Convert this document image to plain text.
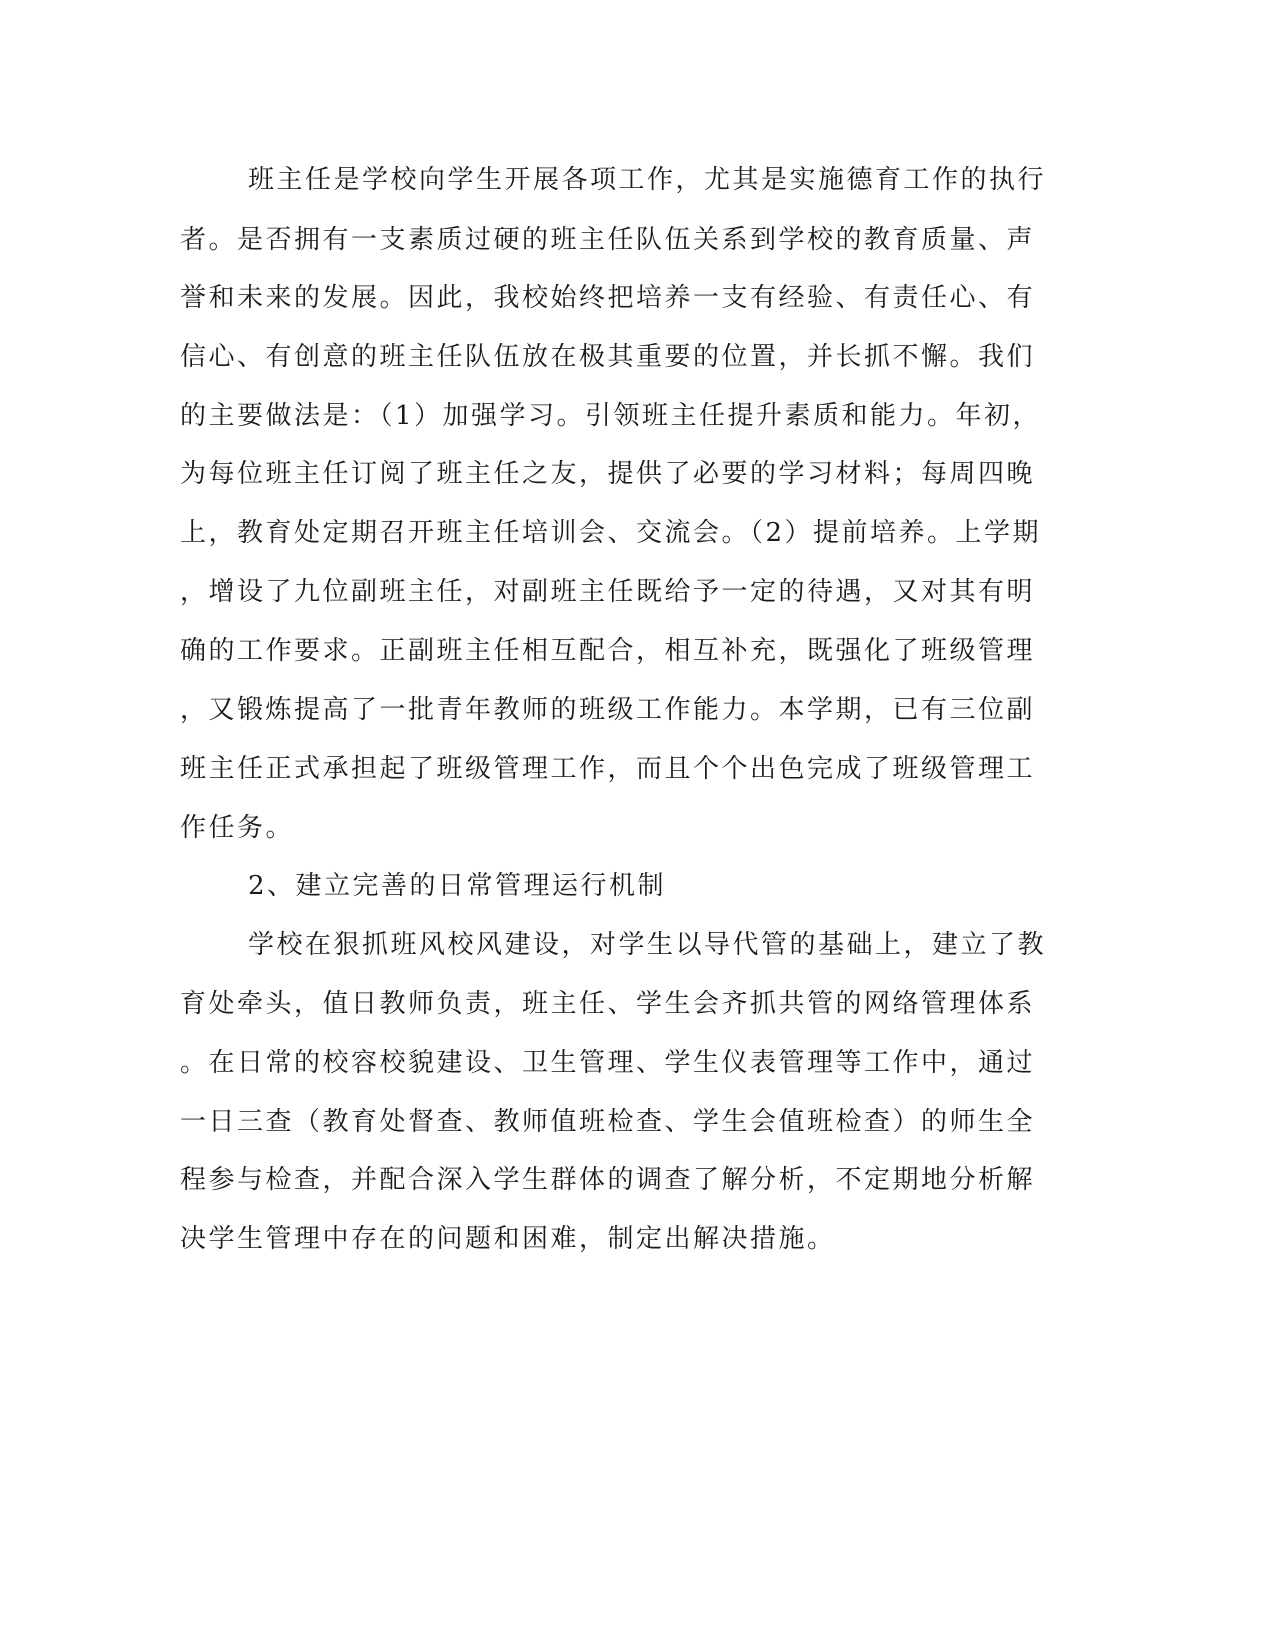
班主任是学校向学生开展各项工作，尤其是实施德育工作的执行
者。是否拥有一支素质过硬的班主任队伍关系到学校的教育质量、声
誉和未来的发展。因此，我校始终把培养一支有经验、有责任心、有
信心、有创意的班主任队伍放在极其重要的位置，并长抓不懈。我们
的主要做法是：（1）加强学习。引领班主任提升素质和能力。年初，
为每位班主任订阅了班主任之友，提供了必要的学习材料；每周四晚
上，教育处定期召开班主任培训会、交流会。（2）提前培养。上学期
，增设了九位副班主任，对副班主任既给予一定的待遇，又对其有明
确的工作要求。正副班主任相互配合，相互补充，既强化了班级管理
，又锻炼提高了一批青年教师的班级工作能力。本学期，已有三位副
班主任正式承担起了班级管理工作，而且个个出色完成了班级管理工
作任务。
2、建立完善的日常管理运行机制
学校在狠抓班风校风建设，对学生以导代管的基础上，建立了教
育处牵头，值日教师负责，班主任、学生会齐抓共管的网络管理体系
。在日常的校容校貌建设、卫生管理、学生仪表管理等工作中，通过
一日三查（教育处督查、教师值班检查、学生会值班检查）的师生全
程参与检查，并配合深入学生群体的调查了解分析，不定期地分析解
决学生管理中存在的问题和困难，制定出解决措施。
